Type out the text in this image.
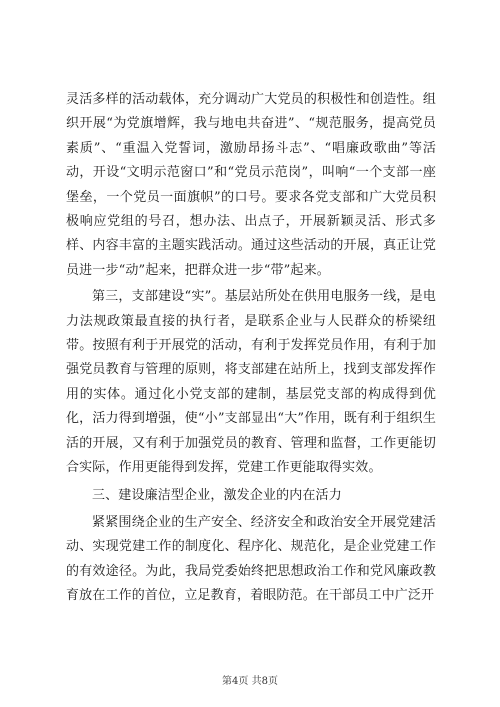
灵活多样的活动载体，充分调动广大党员的积极性和创造性。组织开展“为党旗增辉，我与地电共奋进”、“规范服务，提高党员素质”、“重温入党誓词，激励昂扬斗志”、“唱廉政歌曲”等活动，开设“文明示范窗口”和“党员示范岗”，叫响“一个支部一座堡垒，一个党员一面旗帜”的口号。要求各党支部和广大党员积极响应党组的号召，想办法、出点子，开展新颖灵活、形式多样、内容丰富的主题实践活动。通过这些活动的开展，真正让党员进一步“动”起来，把群众进一步“带”起来。

第三，支部建设“实”。基层站所处在供用电服务一线，是电力法规政策最直接的执行者，是联系企业与人民群众的桥梁纽带。按照有利于开展党的活动，有利于发挥党员作用，有利于加强党员教育与管理的原则，将支部建在站所上，找到支部发挥作用的实体。通过化小党支部的建制，基层党支部的构成得到优化，活力得到增强，使“小”支部显出“大”作用，既有利于组织生活的开展，又有利于加强党员的教育、管理和监督，工作更能切合实际，作用更能得到发挥，党建工作更能取得实效。

三、建设廉洁型企业，激发企业的内在活力

紧紧围绕企业的生产安全、经济安全和政治安全开展党建活动、实现党建工作的制度化、程序化、规范化，是企业党建工作的有效途径。为此，我局党委始终把思想政治工作和党风廉政教育放在工作的首位，立足教育，着眼防范。在干部员工中广泛开

第4页 共8页
